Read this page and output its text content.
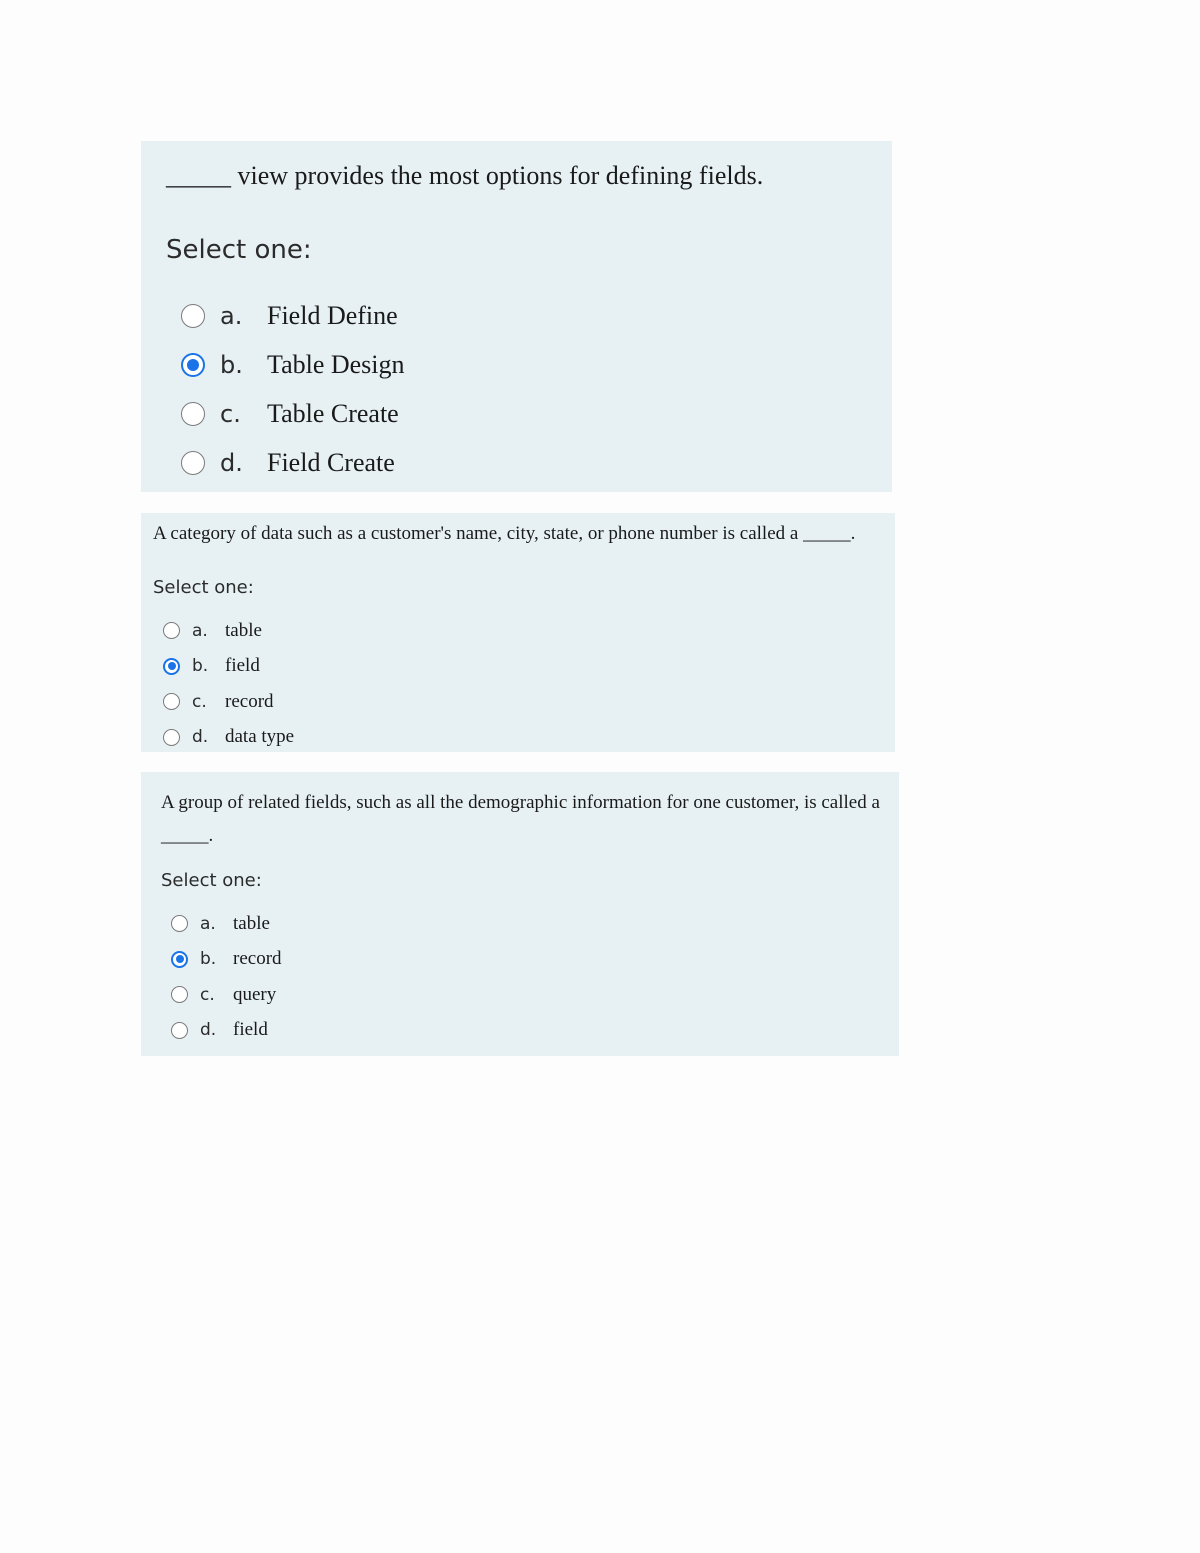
_____ view provides the most options for defining fields.

Select one:

a. Field Define
b. Table Design
c.	Table Create
d. Field Create

A category of data such as a customer's name, city, state, or phone number is called a _____.

Select one:

a. table
b. field
c. record
d. data type

A group of related fields, such as all the demographic information for one customer, is called a _____.

Select one:

a. table
b. record
c. query
d. field
